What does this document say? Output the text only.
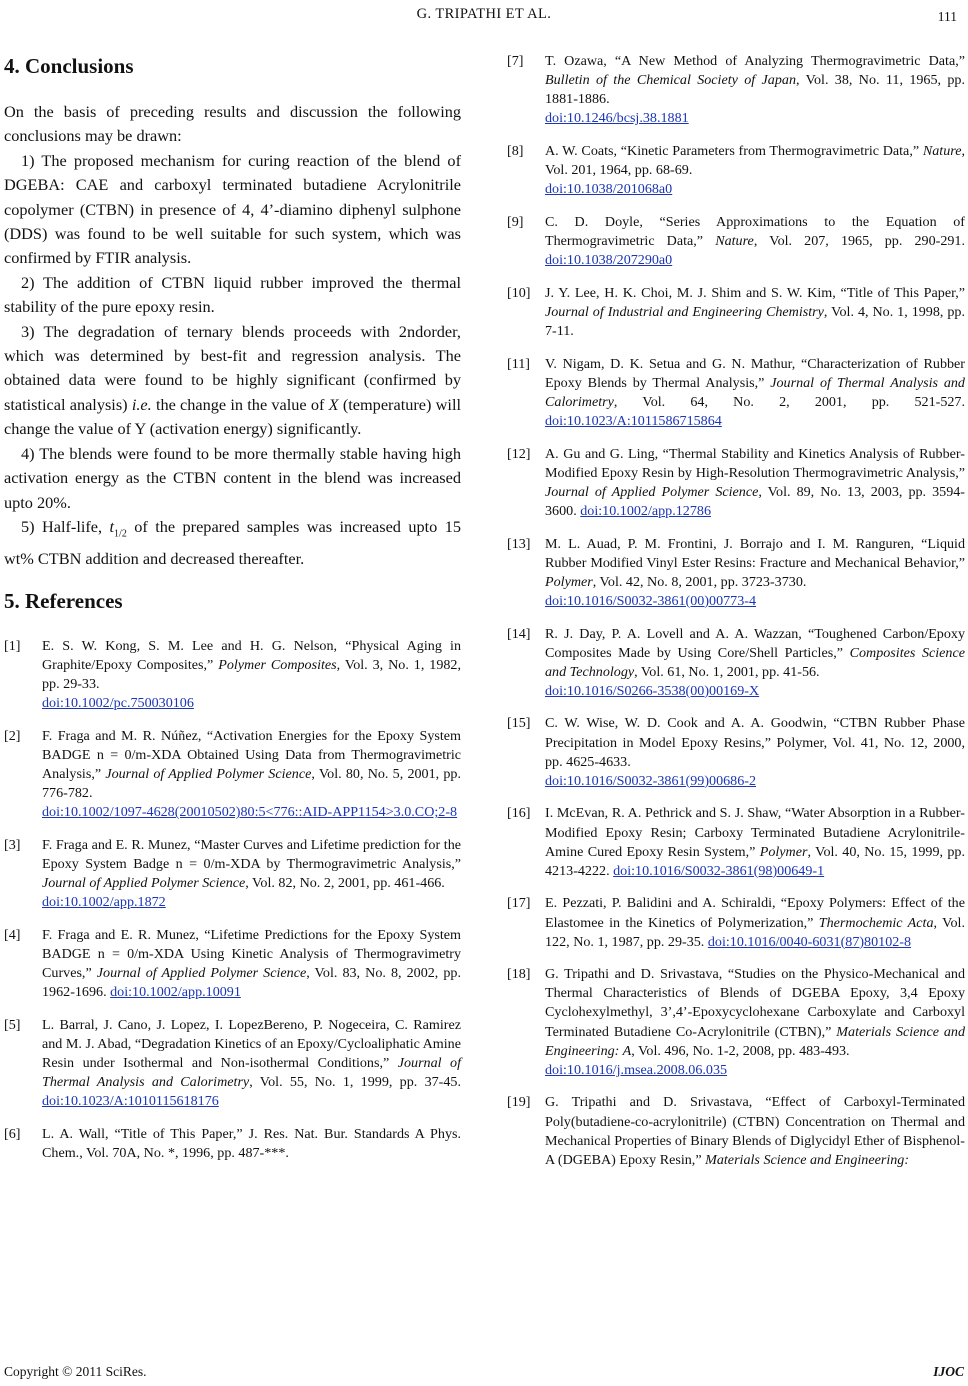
G. TRIPATHI ET AL.	111
4. Conclusions

On the basis of preceding results and discussion the following conclusions may be drawn:

1) The proposed mechanism for curing reaction of the blend of DGEBA: CAE and carboxyl terminated butadiene Acrylonitrile copolymer (CTBN) in presence of 4, 4’-diamino diphenyl sulphone (DDS) was found to be well suitable for such system, which was confirmed by FTIR analysis.

2) The addition of CTBN liquid rubber improved the thermal stability of the pure epoxy resin.

3) The degradation of ternary blends proceeds with 2ndorder, which was determined by best-fit and regression analysis. The obtained data were found to be highly significant (confirmed by statistical analysis) i.e. the change in the value of X (temperature) will change the value of Y (activation energy) significantly.

4) The blends were found to be more thermally stable having high activation energy as the CTBN content in the blend was increased upto 20%.

5) Half-life, $t_{1/2}$ of the prepared samples was increased upto 15 wt% CTBN addition and decreased thereafter.

5. References
[1] E. S. W. Kong, S. M. Lee and H. G. Nelson, “Physical Aging in Graphite/Epoxy Composites,” Polymer Composites, Vol. 3, No. 1, 1982, pp. 29-33.
doi:10.1002/pc.750030106
[2] F. Fraga and M. R. Núñez, “Activation Energies for the Epoxy System BADGE n = 0/m-XDA Obtained Using Data from Thermogravimetric Analysis,” Journal of Applied Polymer Science, Vol. 80, No. 5, 2001, pp. 776-782.
doi:10.1002/1097-4628(20010502)80:5<776::AID-APP1154>3.0.CO;2-8
[3] F. Fraga and E. R. Munez, “Master Curves and Lifetime prediction for the Epoxy System Badge n = 0/m-XDA by Thermogravimetric Analysis,” Journal of Applied Polymer Science, Vol. 82, No. 2, 2001, pp. 461-466.
doi:10.1002/app.1872
[4] F. Fraga and E. R. Munez, “Lifetime Predictions for the Epoxy System BADGE n = 0/m-XDA Using Kinetic Analysis of Thermogravimetry Curves,” Journal of Applied Polymer Science, Vol. 83, No. 8, 2002, pp. 1962-1696. doi:10.1002/app.10091
[5] L. Barral, J. Cano, J. Lopez, I. LopezBereno, P. Nogeceira, C. Ramirez and M. J. Abad, “Degradation Kinetics of an Epoxy/Cycloaliphatic Amine Resin under Isothermal and Non-isothermal Conditions,” Journal of Thermal Analysis and Calorimetry, Vol. 55, No. 1, 1999, pp. 37-45. doi:10.1023/A:1010115618176
[6] L. A. Wall, “Title of This Paper,” J. Res. Nat. Bur. Standards A Phys. Chem., Vol. 70A, No. *, 1996, pp. 487-***.
[7] T. Ozawa, “A New Method of Analyzing Thermogravimetric Data,” Bulletin of the Chemical Society of Japan, Vol. 38, No. 11, 1965, pp. 1881-1886.
doi:10.1246/bcsj.38.1881
[8] A. W. Coats, “Kinetic Parameters from Thermogravimetric Data,” Nature, Vol. 201, 1964, pp. 68-69.
doi:10.1038/201068a0
[9] C. D. Doyle, “Series Approximations to the Equation of Thermogravimetric Data,” Nature, Vol. 207, 1965, pp. 290-291. doi:10.1038/207290a0
[10] J. Y. Lee, H. K. Choi, M. J. Shim and S. W. Kim, “Title of This Paper,” Journal of Industrial and Engineering Chemistry, Vol. 4, No. 1, 1998, pp. 7-11.
[11] V. Nigam, D. K. Setua and G. N. Mathur, “Characterization of Rubber Epoxy Blends by Thermal Analysis,” Journal of Thermal Analysis and Calorimetry, Vol. 64, No. 2, 2001, pp. 521-527. doi:10.1023/A:1011586715864
[12] A. Gu and G. Ling, “Thermal Stability and Kinetics Analysis of Rubber-Modified Epoxy Resin by High-Resolution Thermogravimetric Analysis,” Journal of Applied Polymer Science, Vol. 89, No. 13, 2003, pp. 3594-3600. doi:10.1002/app.12786
[13] M. L. Auad, P. M. Frontini, J. Borrajo and I. M. Ranguren, “Liquid Rubber Modified Vinyl Ester Resins: Fracture and Mechanical Behavior,” Polymer, Vol. 42, No. 8, 2001, pp. 3723-3730.
doi:10.1016/S0032-3861(00)00773-4
[14] R. J. Day, P. A. Lovell and A. A. Wazzan, “Toughened Carbon/Epoxy Composites Made by Using Core/Shell Particles,” Composites Science and Technology, Vol. 61, No. 1, 2001, pp. 41-56.
doi:10.1016/S0266-3538(00)00169-X
[15] C. W. Wise, W. D. Cook and A. A. Goodwin, “CTBN Rubber Phase Precipitation in Model Epoxy Resins,” Polymer, Vol. 41, No. 12, 2000, pp. 4625-4633.
doi:10.1016/S0032-3861(99)00686-2
[16] I. McEvan, R. A. Pethrick and S. J. Shaw, “Water Absorption in a Rubber-Modified Epoxy Resin; Carboxy Terminated Butadiene Acrylonitrile-Amine Cured Epoxy Resin System,” Polymer, Vol. 40, No. 15, 1999, pp. 4213-4222. doi:10.1016/S0032-3861(98)00649-1
[17] E. Pezzati, P. Balidini and A. Schiraldi, “Epoxy Polymers: Effect of the Elastomee in the Kinetics of Polymerization,” Thermochemic Acta, Vol. 122, No. 1, 1987, pp. 29-35. doi:10.1016/0040-6031(87)80102-8
[18] G. Tripathi and D. Srivastava, “Studies on the Physico-Mechanical and Thermal Characteristics of Blends of DGEBA Epoxy, 3,4 Epoxy Cyclohexylmethyl, 3’,4’-Epoxycyclohexane Carboxylate and Carboxyl Terminated Butadiene Co-Acrylonitrile (CTBN),” Materials Science and Engineering: A, Vol. 496, No. 1-2, 2008, pp. 483-493.
doi:10.1016/j.msea.2008.06.035
[19] G. Tripathi and D. Srivastava, “Effect of Carboxyl-Terminated Poly(butadiene-co-acrylonitrile) (CTBN) Concentration on Thermal and Mechanical Properties of Binary Blends of Diglycidyl Ether of Bisphenol-A (DGEBA) Epoxy Resin,” Materials Science and Engineering:
Copyright © 2011 SciRes.	IJOC
